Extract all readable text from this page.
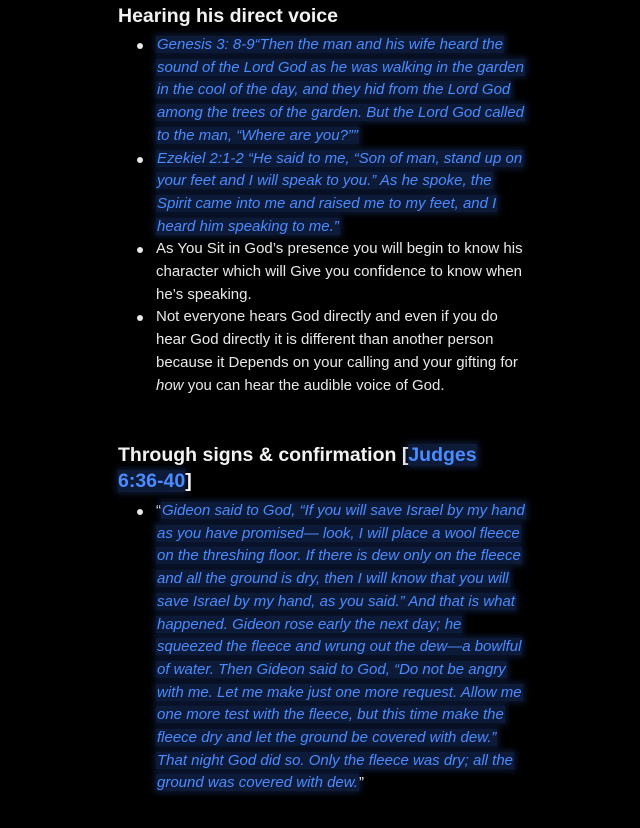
Hearing his direct voice
Genesis 3: 8-9“Then the man and his wife heard the sound of the Lord God as he was walking in the garden in the cool of the day, and they hid from the Lord God among the trees of the garden. But the Lord God called to the man, “Where are you?””
Ezekiel 2:1-2 “He said to me, “Son of man, stand up on your feet and I will speak to you.” As he spoke, the Spirit came into me and raised me to my feet, and I heard him speaking to me.”
As You Sit in God’s presence you will begin to know his character which will Give you confidence to know when he’s speaking.
Not everyone hears God directly and even if you do hear God directly it is different than another person because it Depends on your calling and your gifting for how you can hear the audible voice of God.
Through signs & confirmation [Judges 6:36-40]
“Gideon said to God, “If you will save Israel by my hand as you have promised— look, I will place a wool fleece on the threshing floor. If there is dew only on the fleece and all the ground is dry, then I will know that you will save Israel by my hand, as you said.” And that is what happened. Gideon rose early the next day; he squeezed the fleece and wrung out the dew—a bowlful of water. Then Gideon said to God, “Do not be angry with me. Let me make just one more request. Allow me one more test with the fleece, but this time make the fleece dry and let the ground be covered with dew.” That night God did so. Only the fleece was dry; all the ground was covered with dew.”
